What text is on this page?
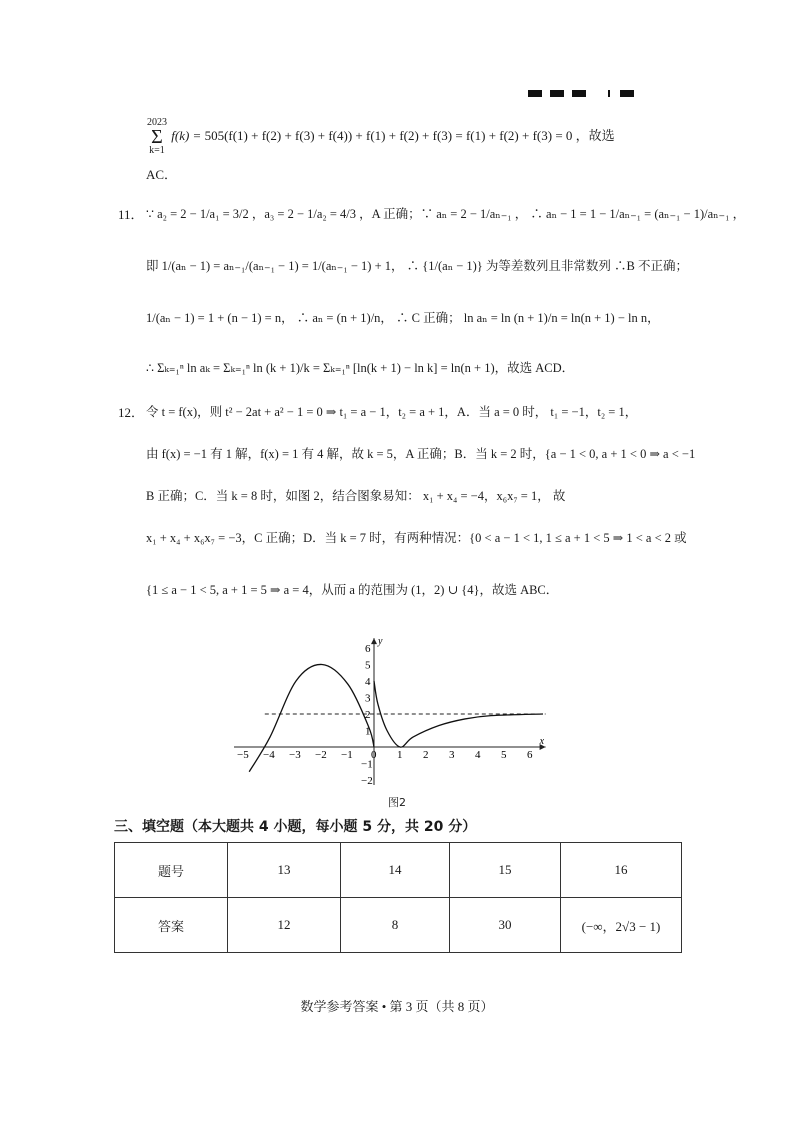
2023
Σ
k=1 f(k) = 505(f(1) + f(2) + f(3) + f(4)) + f(1) + f(2) + f(3) = f(1) + f(2) + f(3) = 0 ，故选
AC．
11． ∵ a₂ = 2 − 1/a₁ = 3/2 ，a₃ = 2 − 1/a₂ = 4/3 ，A 正确；∵ aₙ = 2 − 1/aₙ₋₁ ， ∴ aₙ − 1 = 1 − 1/aₙ₋₁ = (aₙ₋₁ − 1)/aₙ₋₁ ，
即 1/(aₙ − 1) = aₙ₋₁/(aₙ₋₁ − 1) = 1/(aₙ₋₁ − 1) + 1， ∴ {1/(aₙ − 1)} 为等差数列且非常数列 ∴B 不正确；
1/(aₙ − 1) = 1 + (n − 1) = n， ∴ aₙ = (n + 1)/n， ∴ C 正确； ln aₙ = ln (n + 1)/n = ln(n + 1) − ln n，
∴ Σₖ₌₁ⁿ ln aₖ = Σₖ₌₁ⁿ ln (k + 1)/k = Σₖ₌₁ⁿ [ln(k + 1) − ln k] = ln(n + 1)，故选 ACD．
12． 令 t = f(x)，则 t² − 2at + a² − 1 = 0 ⇒ t₁ = a − 1，t₂ = a + 1，A．当 a = 0 时， t₁ = −1，t₂ = 1，
由 f(x) = −1 有 1 解，f(x) = 1 有 4 解，故 k = 5，A 正确；B．当 k = 2 时，{a − 1 < 0, a + 1 < 0 ⇒ a < −1
B 正确；C．当 k = 8 时，如图 2，结合图象易知： x₁ + x₄ = −4，x₆x₇ = 1， 故
x₁ + x₄ + x₆x₇ = −3，C 正确；D．当 k = 7 时，有两种情况：{0 < a − 1 < 1, 1 ≤ a + 1 < 5 ⇒ 1 < a < 2 或
{1 ≤ a − 1 < 5, a + 1 = 5 ⇒ a = 4，从而 a 的范围为 (1，2) ∪ {4}，故选 ABC．
x
y
−5 −4 −3 −2 −1 0 1 2 3 4 5 6
6
5
4
3
2
1
−1
−2
图2
三、填空题（本大题共 4 小题，每小题 5 分，共 20 分）
题号	13	14	15	16
答案	12	8	30	(−∞，2√3 − 1)
数学参考答案 • 第 3 页（共 8 页）
